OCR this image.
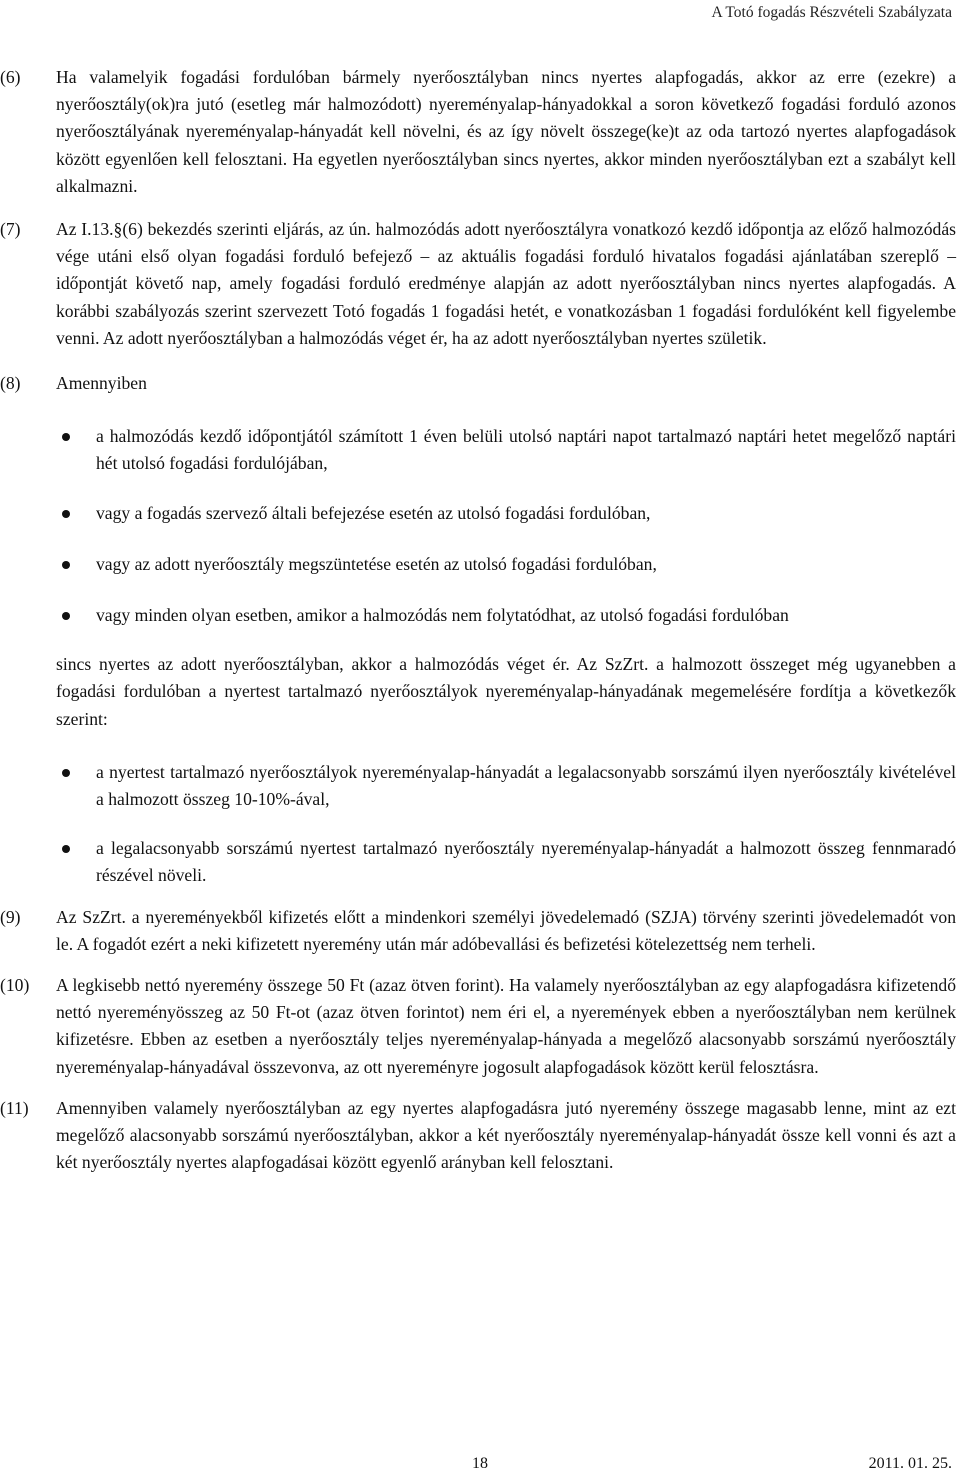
A Totó fogadás Részvételi Szabályzata
(6) Ha valamelyik fogadási fordulóban bármely nyerőosztályban nincs nyertes alapfogadás, akkor az erre (ezekre) a nyerőosztály(ok)ra jutó (esetleg már halmozódott) nyereményalap-hányadokkal a soron következő fogadási forduló azonos nyerőosztályának nyereményalap-hányadát kell növelni, és az így növelt összege(ke)t az oda tartozó nyertes alapfogadások között egyenlően kell felosztani. Ha egyetlen nyerőosztályban sincs nyertes, akkor minden nyerőosztályban ezt a szabályt kell alkalmazni.

(7) Az I.13.§(6) bekezdés szerinti eljárás, az ún. halmozódás adott nyerőosztályra vonatkozó kezdő időpontja az előző halmozódás vége utáni első olyan fogadási forduló befejező – az aktuális fogadási forduló hivatalos fogadási ajánlatában szereplő – időpontját követő nap, amely fogadási forduló eredménye alapján az adott nyerőosztályban nincs nyertes alapfogadás. A korábbi szabályozás szerint szervezett Totó fogadás 1 fogadási hetét, e vonatkozásban 1 fogadási fordulóként kell figyelembe venni. Az adott nyerőosztályban a halmozódás véget ér, ha az adott nyerőosztályban nyertes születik.

(8) Amennyiben

a halmozódás kezdő időpontjától számított 1 éven belüli utolsó naptári napot tartalmazó naptári hetet megelőző naptári hét utolsó fogadási fordulójában,
vagy a fogadás szervező általi befejezése esetén az utolsó fogadási fordulóban,
vagy az adott nyerőosztály megszüntetése esetén az utolsó fogadási fordulóban,
vagy minden olyan esetben, amikor a halmozódás nem folytatódhat, az utolsó fogadási fordulóban

sincs nyertes az adott nyerőosztályban, akkor a halmozódás véget ér. Az SzZrt. a halmozott összeget még ugyanebben a fogadási fordulóban a nyertest tartalmazó nyerőosztályok nyereményalap-hányadának megemelésére fordítja a következők szerint:

a nyertest tartalmazó nyerőosztályok nyereményalap-hányadát a legalacsonyabb sorszámú ilyen nyerőosztály kivételével a halmozott összeg 10-10%-ával,
a legalacsonyabb sorszámú nyertest tartalmazó nyerőosztály nyereményalap-hányadát a halmozott összeg fennmaradó részével növeli.
(9) Az SzZrt. a nyereményekből kifizetés előtt a mindenkori személyi jövedelemadó (SZJA) törvény szerinti jövedelemadót von le. A fogadót ezért a neki kifizetett nyeremény után már adóbevallási és befizetési kötelezettség nem terheli.

(10) A legkisebb nettó nyeremény összege 50 Ft (azaz ötven forint). Ha valamely nyerőosztályban az egy alapfogadásra kifizetendő nettó nyereményösszeg az 50 Ft-ot (azaz ötven forintot) nem éri el, a nyeremények ebben a nyerőosztályban nem kerülnek kifizetésre. Ebben az esetben a nyerőosztály teljes nyereményalap-hányada a megelőző alacsonyabb sorszámú nyerőosztály nyereményalap-hányadával összevonva, az ott nyereményre jogosult alapfogadások között kerül felosztásra.

(11) Amennyiben valamely nyerőosztályban az egy nyertes alapfogadásra jutó nyeremény összege magasabb lenne, mint az ezt megelőző alacsonyabb sorszámú nyerőosztályban, akkor a két nyerőosztály nyereményalap-hányadát össze kell vonni és azt a két nyerőosztály nyertes alapfogadásai között egyenlő arányban kell felosztani.

18	2011. 01. 25.
